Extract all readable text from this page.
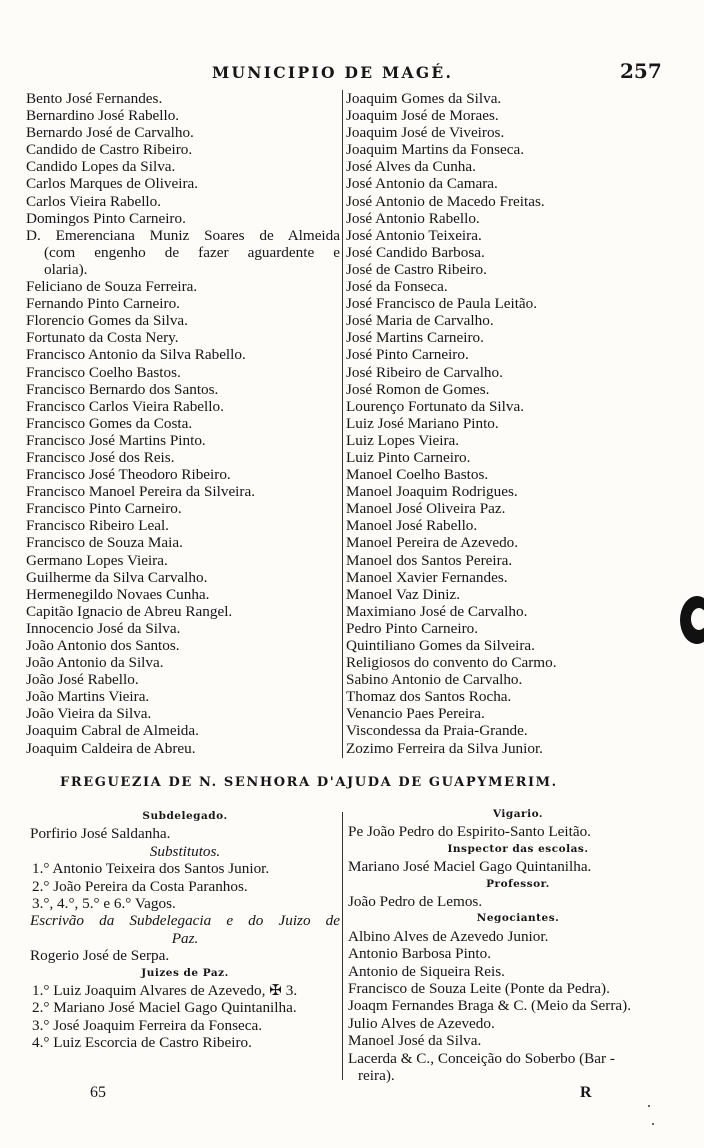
MUNICIPIO DE MAGÉ.	257
Bento José Fernandes.
Bernardino José Rabello.
Bernardo José de Carvalho.
Candido de Castro Ribeiro.
Candido Lopes da Silva.
Carlos Marques de Oliveira.
Carlos Vieira Rabello.
Domingos Pinto Carneiro.
D. Emerenciana Muniz Soares de Almeida
(com engenho de fazer aguardente e
olaria).
Feliciano de Souza Ferreira.
Fernando Pinto Carneiro.
Florencio Gomes da Silva.
Fortunato da Costa Nery.
Francisco Antonio da Silva Rabello.
Francisco Coelho Bastos.
Francisco Bernardo dos Santos.
Francisco Carlos Vieira Rabello.
Francisco Gomes da Costa.
Francisco José Martins Pinto.
Francisco José dos Reis.
Francisco José Theodoro Ribeiro.
Francisco Manoel Pereira da Silveira.
Francisco Pinto Carneiro.
Francisco Ribeiro Leal.
Francisco de Souza Maia.
Germano Lopes Vieira.
Guilherme da Silva Carvalho.
Hermenegildo Novaes Cunha.
Capitão Ignacio de Abreu Rangel.
Innocencio José da Silva.
João Antonio dos Santos.
João Antonio da Silva.
João José Rabello.
João Martins Vieira.
João Vieira da Silva.
Joaquim Cabral de Almeida.
Joaquim Caldeira de Abreu.
Joaquim Gomes da Silva.
Joaquim José de Moraes.
Joaquim José de Viveiros.
Joaquim Martins da Fonseca.
José Alves da Cunha.
José Antonio da Camara.
José Antonio de Macedo Freitas.
José Antonio Rabello.
José Antonio Teixeira.
José Candido Barbosa.
José de Castro Ribeiro.
José da Fonseca.
José Francisco de Paula Leitão.
José Maria de Carvalho.
José Martins Carneiro.
José Pinto Carneiro.
José Ribeiro de Carvalho.
José Romon de Gomes.
Lourenço Fortunato da Silva.
Luiz José Mariano Pinto.
Luiz Lopes Vieira.
Luiz Pinto Carneiro.
Manoel Coelho Bastos.
Manoel Joaquim Rodrigues.
Manoel José Oliveira Paz.
Manoel José Rabello.
Manoel Pereira de Azevedo.
Manoel dos Santos Pereira.
Manoel Xavier Fernandes.
Manoel Vaz Diniz.
Maximiano José de Carvalho.
Pedro Pinto Carneiro.
Quintiliano Gomes da Silveira.
Religiosos do convento do Carmo.
Sabino Antonio de Carvalho.
Thomaz dos Santos Rocha.
Venancio Paes Pereira.
Viscondessa da Praia-Grande.
Zozimo Ferreira da Silva Junior.
FREGUEZIA DE N. SENHORA D'AJUDA DE GUAPYMERIM.
Subdelegado.
Porfirio José Saldanha.
Substitutos.
1.° Antonio Teixeira dos Santos Junior.
2.° João Pereira da Costa Paranhos.
3.°, 4.°, 5.° e 6.° Vagos.
Escrivão da Subdelegacia e do Juizo de
Paz.
Rogerio José de Serpa.
Juizes de Paz.
1.° Luiz Joaquim Alvares de Azevedo, ✠ 3.
2.° Mariano José Maciel Gago Quintanilha.
3.° José Joaquim Ferreira da Fonseca.
4.° Luiz Escorcia de Castro Ribeiro.
Vigario.
Pe João Pedro do Espirito-Santo Leitão.
Inspector das escolas.
Mariano José Maciel Gago Quintanilha.
Professor.
João Pedro de Lemos.
Negociantes.
Albino Alves de Azevedo Junior.
Antonio Barbosa Pinto.
Antonio de Siqueira Reis.
Francisco de Souza Leite (Ponte da Pedra).
Joaqm Fernandes Braga & C. (Meio da Serra).
Julio Alves de Azevedo.
Manoel José da Silva.
Lacerda & C., Conceição do Soberbo (Bar -
reira).
65	R
